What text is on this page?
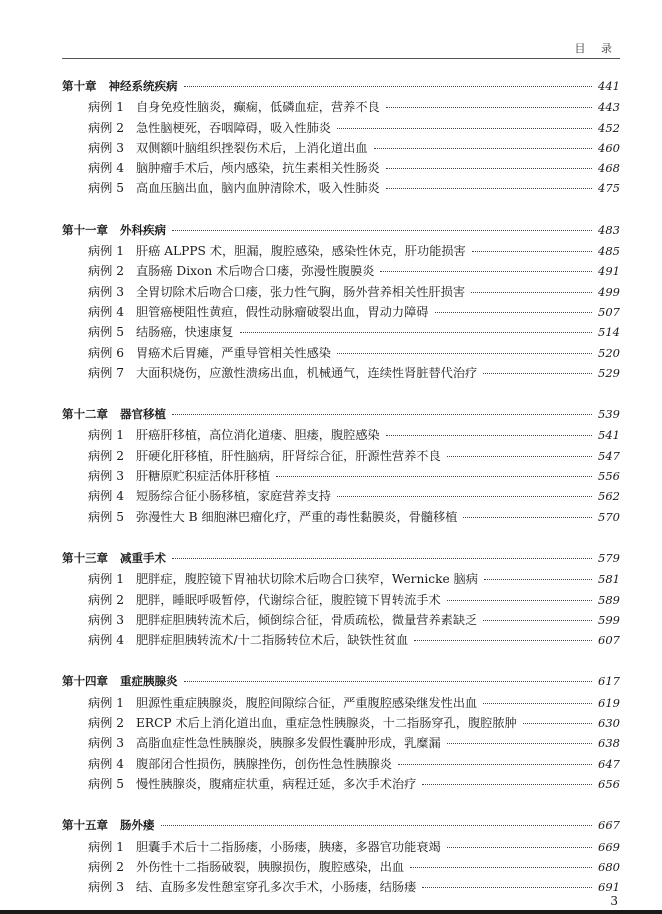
目 录
第十章 神经系统疾病	441
病例 1 自身免疫性脑炎，癫痫，低磷血症，营养不良	443
病例 2 急性脑梗死，吞咽障碍，吸入性肺炎	452
病例 3 双侧额叶脑组织挫裂伤术后，上消化道出血	460
病例 4 脑肿瘤手术后，颅内感染，抗生素相关性肠炎	468
病例 5 高血压脑出血，脑内血肿清除术，吸入性肺炎	475
第十一章 外科疾病	483
病例 1 肝癌 ALPPS 术，胆漏，腹腔感染，感染性休克，肝功能损害	485
病例 2 直肠癌 Dixon 术后吻合口瘘，弥漫性腹膜炎	491
病例 3 全胃切除术后吻合口瘘，张力性气胸，肠外营养相关性肝损害	499
病例 4 胆管癌梗阻性黄疸，假性动脉瘤破裂出血，胃动力障碍	507
病例 5 结肠癌，快速康复	514
病例 6 胃癌术后胃瘫，严重导管相关性感染	520
病例 7 大面积烧伤，应激性溃疡出血，机械通气，连续性肾脏替代治疗	529
第十二章 器官移植	539
病例 1 肝癌肝移植，高位消化道瘘、胆瘘，腹腔感染	541
病例 2 肝硬化肝移植，肝性脑病，肝肾综合征，肝源性营养不良	547
病例 3 肝糖原贮积症活体肝移植	556
病例 4 短肠综合征小肠移植，家庭营养支持	562
病例 5 弥漫性大 B 细胞淋巴瘤化疗，严重的毒性黏膜炎，骨髓移植	570
第十三章 减重手术	579
病例 1 肥胖症，腹腔镜下胃袖状切除术后吻合口狭窄，Wernicke 脑病	581
病例 2 肥胖，睡眠呼吸暂停，代谢综合征，腹腔镜下胃转流手术	589
病例 3 肥胖症胆胰转流术后，倾倒综合征，骨质疏松，微量营养素缺乏	599
病例 4 肥胖症胆胰转流术/十二指肠转位术后，缺铁性贫血	607
第十四章 重症胰腺炎	617
病例 1 胆源性重症胰腺炎，腹腔间隙综合征，严重腹腔感染继发性出血	619
病例 2 ERCP 术后上消化道出血，重症急性胰腺炎，十二指肠穿孔，腹腔脓肿	630
病例 3 高脂血症性急性胰腺炎，胰腺多发假性囊肿形成，乳糜漏	638
病例 4 腹部闭合性损伤，胰腺挫伤，创伤性急性胰腺炎	647
病例 5 慢性胰腺炎，腹痛症状重，病程迁延，多次手术治疗	656
第十五章 肠外瘘	667
病例 1 胆囊手术后十二指肠瘘，小肠瘘，胰瘘，多器官功能衰竭	669
病例 2 外伤性十二指肠破裂，胰腺损伤，腹腔感染，出血	680
病例 3 结、直肠多发性憩室穿孔多次手术，小肠瘘，结肠瘘	691
3
